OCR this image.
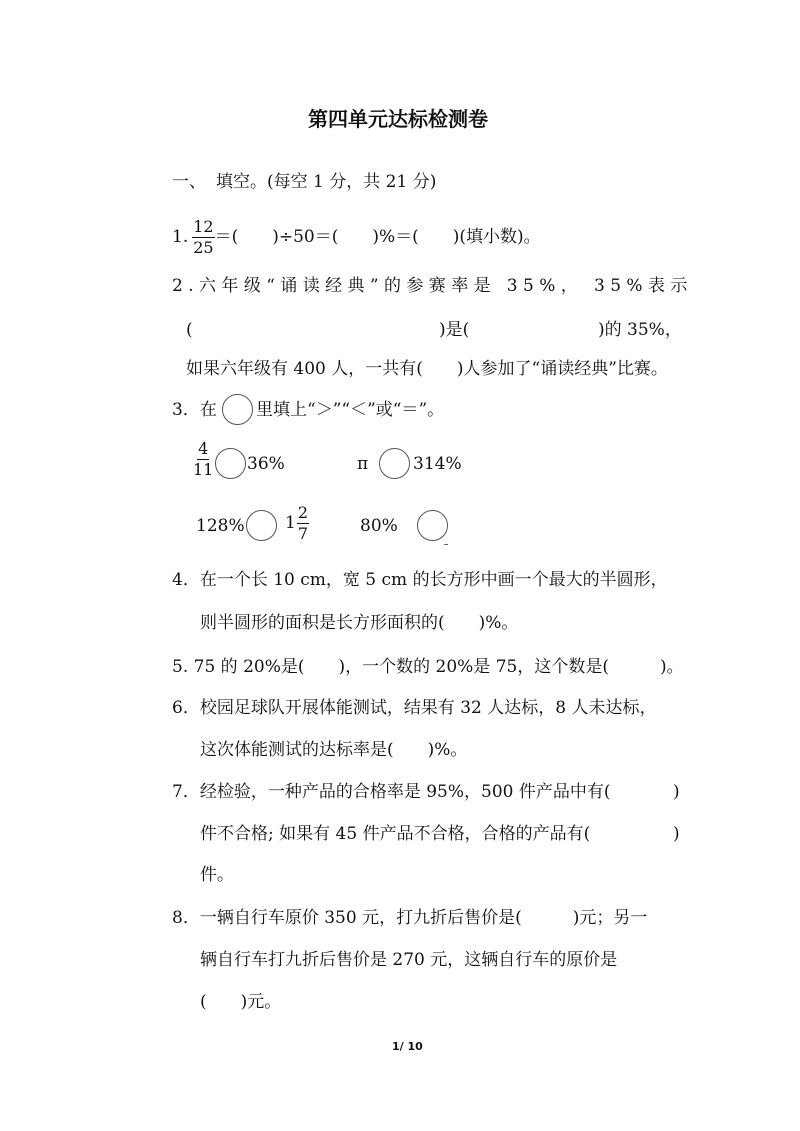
第四单元达标检测卷
一、 填空。(每空 1 分，共 21 分)
1. $\frac{12}{25}$ ＝(　　)÷50＝(　　)%＝(　　)(填小数)。
2.六年级“诵读经典”的参赛率是 35%， 35%表示
(	)是(	)的 35%，
如果六年级有 400 人，一共有(　　)人参加了“诵读经典”比赛。
3．在 里填上“＞”“＜”或“＝”。
$\frac{4}{11} 36\%$	π	314%
128% $1 \frac{2}{7}$	80%
4．在一个长 10 cm，宽 5 cm 的长方形中画一个最大的半圆形，
则半圆形的面积是长方形面积的(　　)%。
5. 75 的 20%是(　　)，一个数的 20%是 75，这个数是(　　　)。
6．校园足球队开展体能测试，结果有 32 人达标，8 人未达标，
这次体能测试的达标率是(　　)%。
7．经检验，一种产品的合格率是 95%，500 件产品中有(	)
件不合格; 如果有 45 件产品不合格，合格的产品有(	)
件。
8．一辆自行车原价 350 元，打九折后售价是(　　　)元；另一
辆自行车打九折后售价是 270 元，这辆自行车的原价是
(　　)元。
1/ 10
